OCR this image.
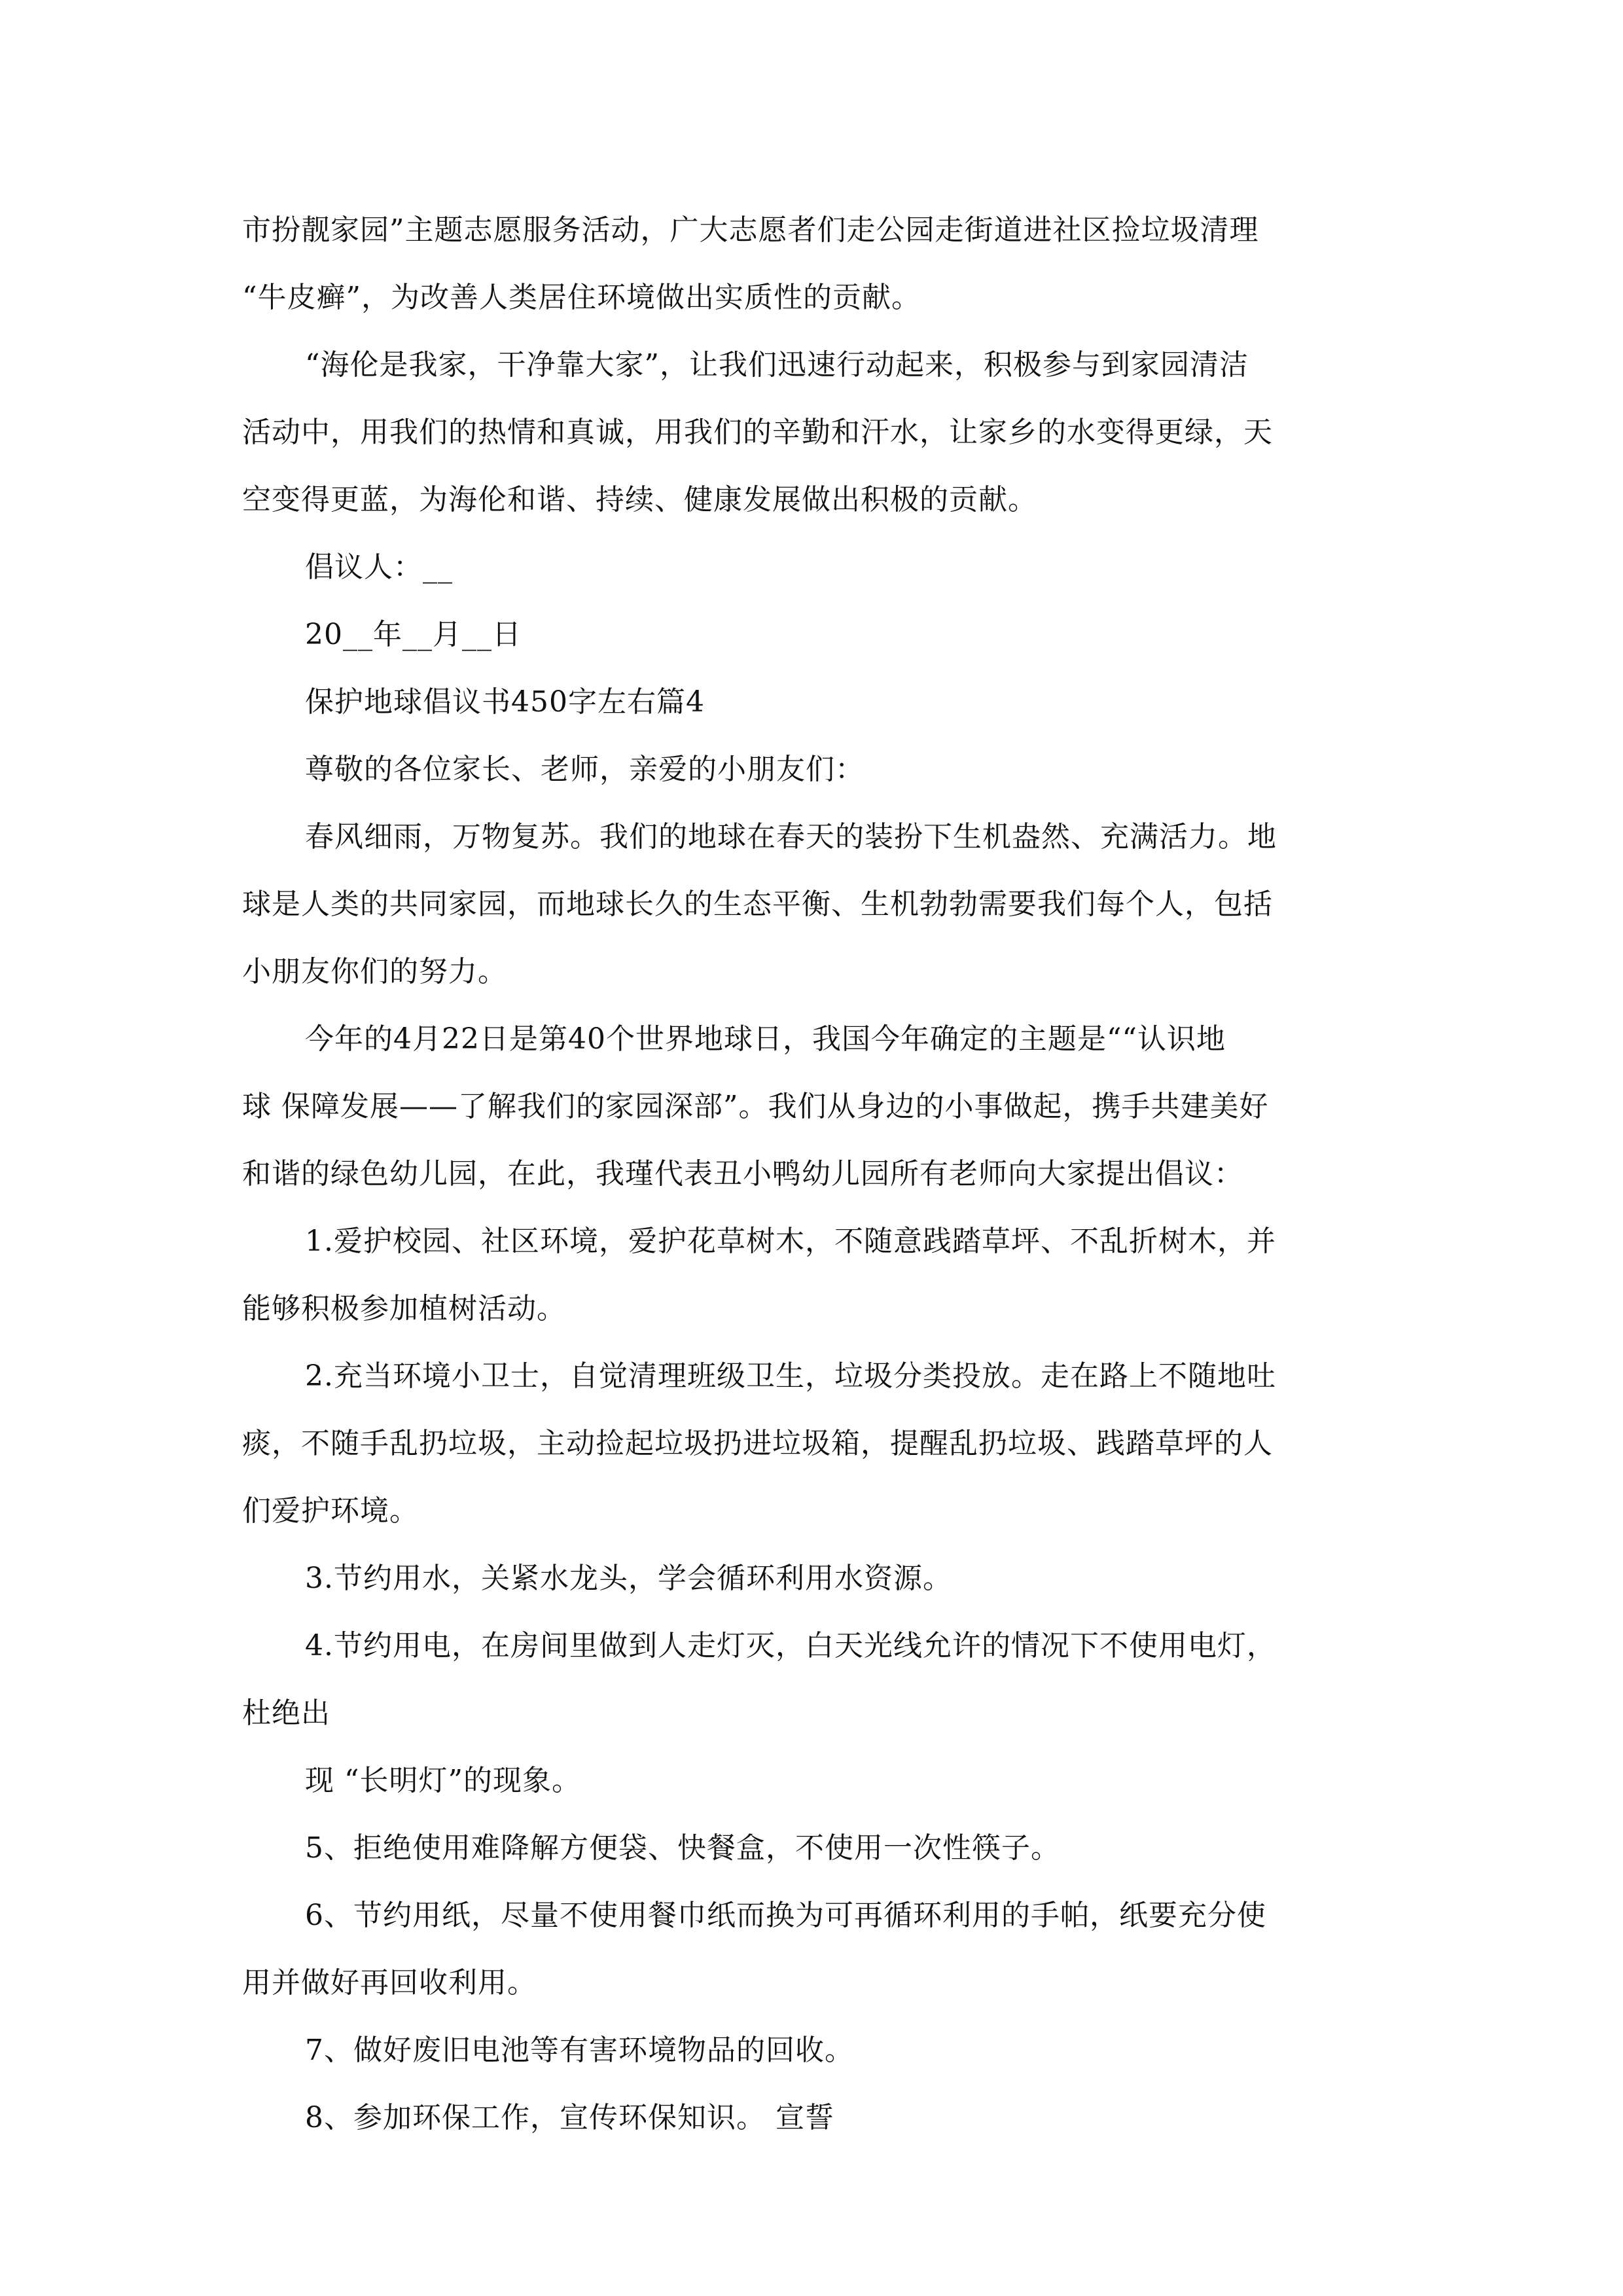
市扮靓家园”主题志愿服务活动，广大志愿者们走公园走街道进社区捡垃圾清理
“牛皮癣”，为改善人类居住环境做出实质性的贡献。
“海伦是我家，干净靠大家”，让我们迅速行动起来，积极参与到家园清洁
活动中，用我们的热情和真诚，用我们的辛勤和汗水，让家乡的水变得更绿，天
空变得更蓝，为海伦和谐、持续、健康发展做出积极的贡献。
倡议人：__
20__年__月__日
保护地球倡议书450字左右篇4
尊敬的各位家长、老师，亲爱的小朋友们：
春风细雨，万物复苏。我们的地球在春天的装扮下生机盎然、充满活力。地
球是人类的共同家园，而地球长久的生态平衡、生机勃勃需要我们每个人，包括
小朋友你们的努力。
今年的4月22日是第40个世界地球日，我国今年确定的主题是““认识地
球 保障发展——了解我们的家园深部”。我们从身边的小事做起，携手共建美好
和谐的绿色幼儿园，在此，我瑾代表丑小鸭幼儿园所有老师向大家提出倡议：
1.爱护校园、社区环境，爱护花草树木，不随意践踏草坪、不乱折树木，并
能够积极参加植树活动。
2.充当环境小卫士，自觉清理班级卫生，垃圾分类投放。走在路上不随地吐
痰，不随手乱扔垃圾，主动捡起垃圾扔进垃圾箱，提醒乱扔垃圾、践踏草坪的人
们爱护环境。
3.节约用水，关紧水龙头，学会循环利用水资源。
4.节约用电，在房间里做到人走灯灭，白天光线允许的情况下不使用电灯，
杜绝出
现 “长明灯”的现象。
5、拒绝使用难降解方便袋、快餐盒，不使用一次性筷子。
6、节约用纸，尽量不使用餐巾纸而换为可再循环利用的手帕，纸要充分使
用并做好再回收利用。
7、做好废旧电池等有害环境物品的回收。
8、参加环保工作，宣传环保知识。 宣誓
